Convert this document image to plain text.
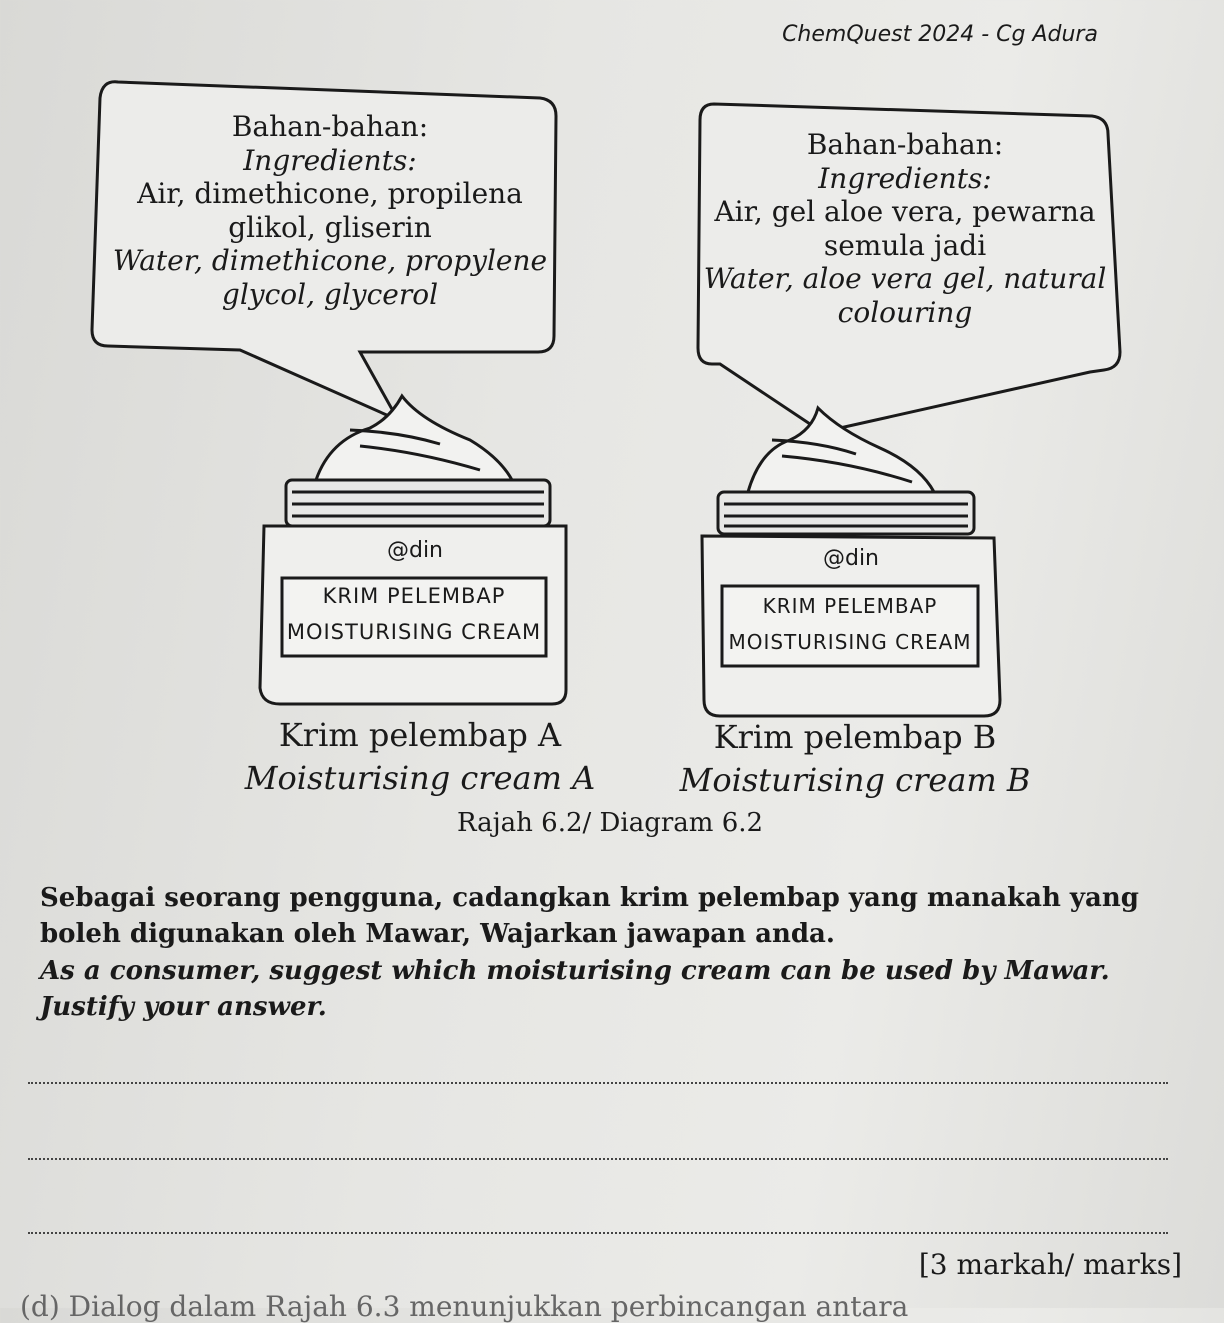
ChemQuest 2024 - Cg Adura
Bahan-bahan:
Ingredients:
Air, dimethicone, propilena
glikol, gliserin
Water, dimethicone, propylene
glycol, glycerol
Bahan-bahan:
Ingredients:
Air, gel aloe vera, pewarna
semula jadi
Water, aloe vera gel, natural
colouring
@din
KRIM PELEMBAP
MOISTURISING CREAM
@din
KRIM PELEMBAP
MOISTURISING CREAM
Krim pelembap A
Moisturising cream A
Krim pelembap B
Moisturising cream B
Rajah 6.2/ Diagram 6.2
Sebagai seorang pengguna, cadangkan krim pelembap yang manakah yang
boleh digunakan oleh Mawar, Wajarkan jawapan anda.
As a consumer, suggest which moisturising cream can be used by Mawar.
Justify your answer.
[3 markah/ marks]
(d) Dialog dalam Rajah 6.3 menunjukkan perbincangan antara
